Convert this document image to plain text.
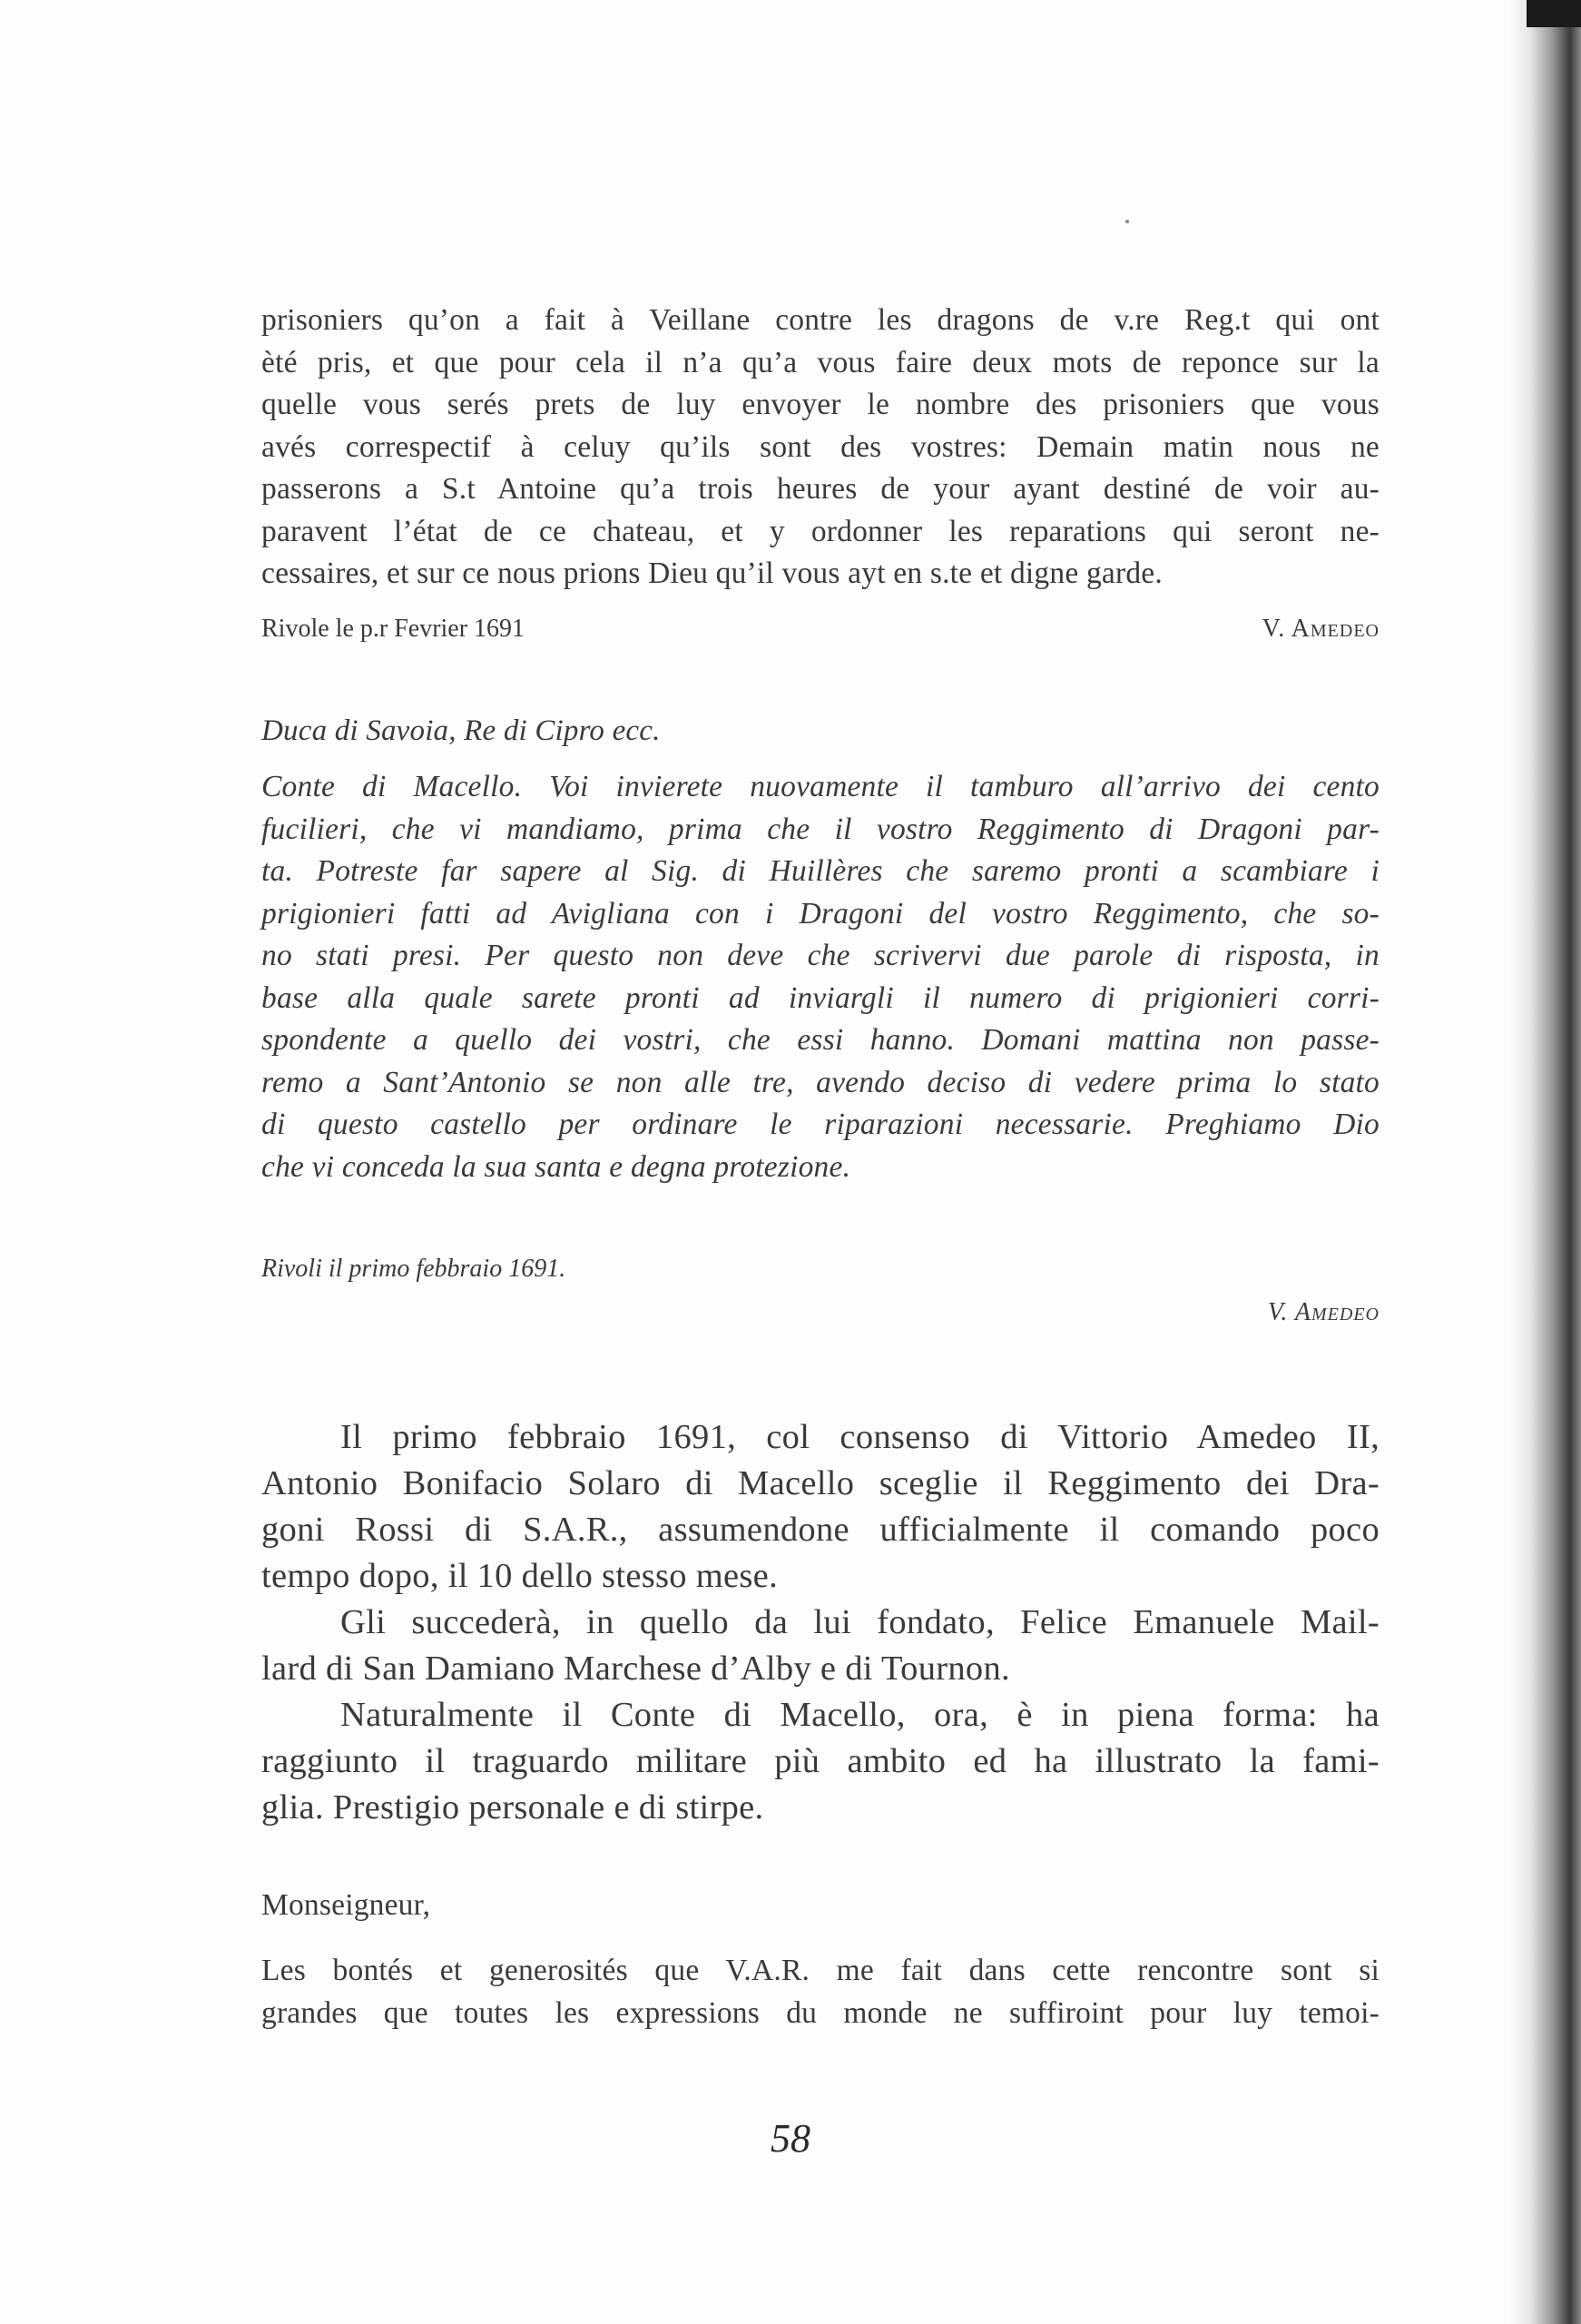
prisoniers qu’on a fait à Veillane contre les dragons de v.re Reg.t qui ont

èté pris, et que pour cela il n’a qu’a vous faire deux mots de reponce sur la

quelle vous serés prets de luy envoyer le nombre des prisoniers que vous

avés correspectif à celuy qu’ils sont des vostres: Demain matin nous ne

passerons a S.t Antoine qu’a trois heures de your ayant destiné de voir au-

paravent l’état de ce chateau, et y ordonner les reparations qui seront ne-

cessaires, et sur ce nous prions Dieu qu’il vous ayt en s.te et digne garde.

Rivole le p.r Fevrier 1691	V. Amedeo

Duca di Savoia, Re di Cipro ecc.

Conte di Macello. Voi invierete nuovamente il tamburo all’arrivo dei cento

fucilieri, che vi mandiamo, prima che il vostro Reggimento di Dragoni par-

ta. Potreste far sapere al Sig. di Huillères che saremo pronti a scambiare i

prigionieri fatti ad Avigliana con i Dragoni del vostro Reggimento, che so-

no stati presi. Per questo non deve che scrivervi due parole di risposta, in

base alla quale sarete pronti ad inviargli il numero di prigionieri corri-

spondente a quello dei vostri, che essi hanno. Domani mattina non passe-

remo a Sant’Antonio se non alle tre, avendo deciso di vedere prima lo stato

di questo castello per ordinare le riparazioni necessarie. Preghiamo Dio

che vi conceda la sua santa e degna protezione.

Rivoli il primo febbraio 1691.
V. Amedeo

Il primo febbraio 1691, col consenso di Vittorio Amedeo II,

Antonio Bonifacio Solaro di Macello sceglie il Reggimento dei Dra-

goni Rossi di S.A.R., assumendone ufficialmente il comando poco

tempo dopo, il 10 dello stesso mese.

Gli succederà, in quello da lui fondato, Felice Emanuele Mail-

lard di San Damiano Marchese d’Alby e di Tournon.

Naturalmente il Conte di Macello, ora, è in piena forma: ha

raggiunto il traguardo militare più ambito ed ha illustrato la fami-

glia. Prestigio personale e di stirpe.

Monseigneur,

Les bontés et generosités que V.A.R. me fait dans cette rencontre sont si

grandes que toutes les expressions du monde ne suffiroint pour luy temoi-

58
